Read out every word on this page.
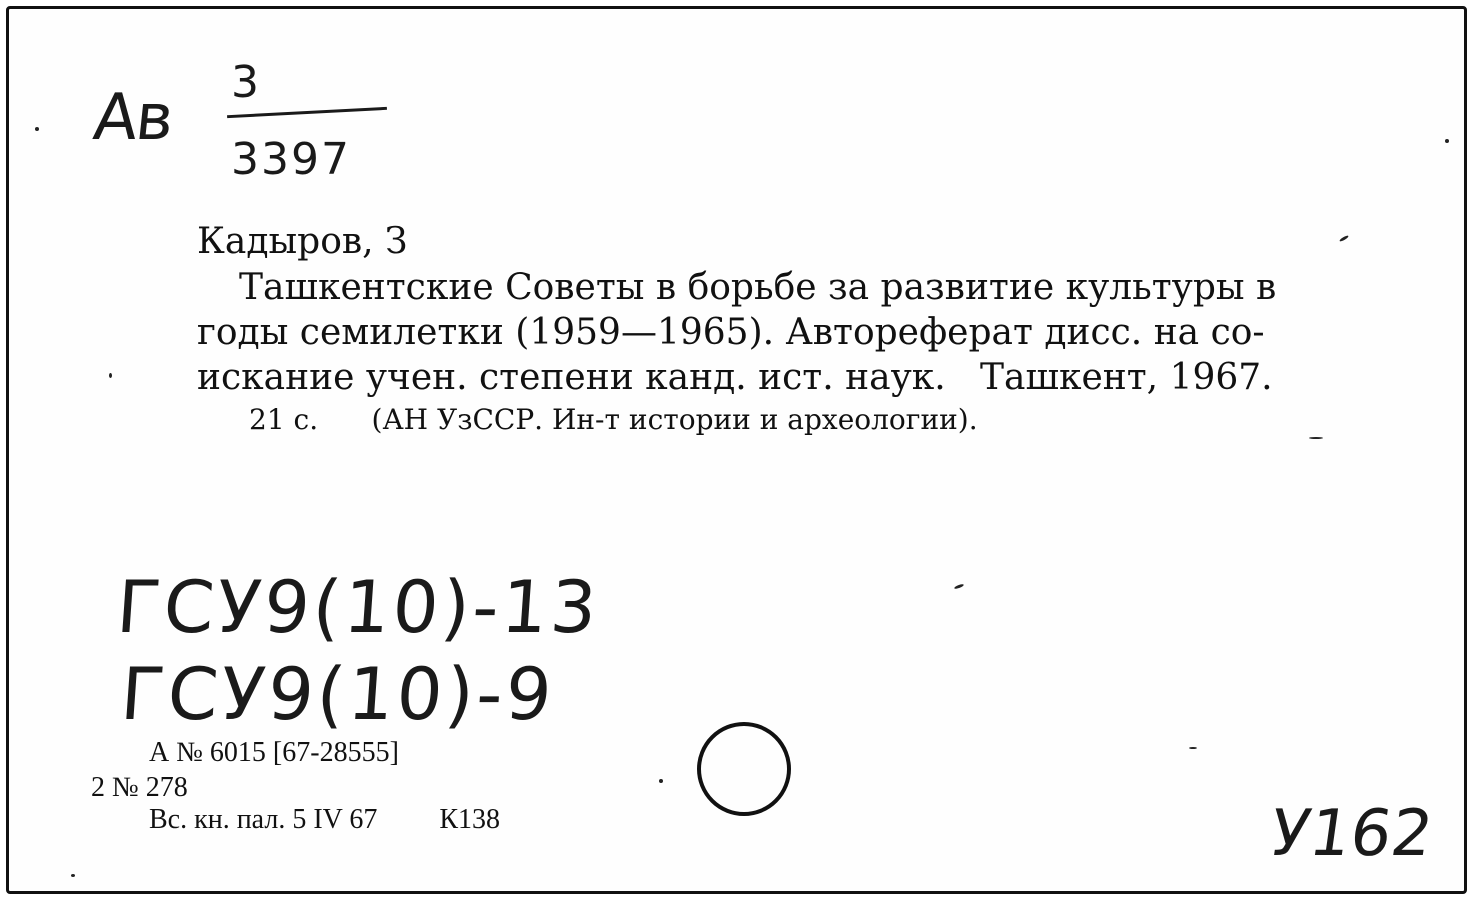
Ав 3
3397
Кадыров, З
Ташкентские Советы в борьбе за развитие культуры в
годы семилетки (1959—1965). Автореферат дисс. на со-
искание учен. степени канд. ист. наук.   Ташкент, 1967.
21 с. (АН УзССР. Ин-т истории и археологии).
ГСУ9(10)-13
ГСУ9(10)-9
А № 6015 [67-28555]
2 № 278
Вс. кн. пал. 5 IV 67 К138	У162
